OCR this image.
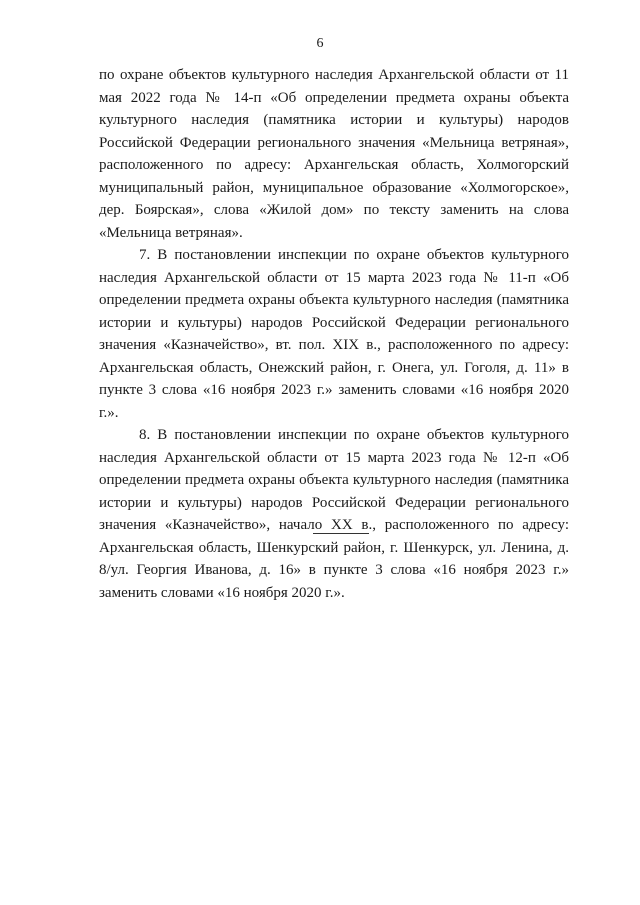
6

по охране объектов культурного наследия Архангельской области от 11 мая 2022 года № 14-п «Об определении предмета охраны объекта культурного наследия (памятника истории и культуры) народов Российской Федерации регионального значения «Мельница ветряная», расположенного по адресу: Архангельская область, Холмогорский муниципальный район, муниципальное образование «Холмогорское», дер. Боярская», слова «Жилой дом» по тексту заменить на слова «Мельница ветряная».

7. В постановлении инспекции по охране объектов культурного наследия Архангельской области от 15 марта 2023 года № 11-п «Об определении предмета охраны объекта культурного наследия (памятника истории и культуры) народов Российской Федерации регионального значения «Казначейство», вт. пол. XIX в., расположенного по адресу: Архангельская область, Онежский район, г. Онега, ул. Гоголя, д. 11» в пункте 3 слова «16 ноября 2023 г.» заменить словами «16 ноября 2020 г.».

8. В постановлении инспекции по охране объектов культурного наследия Архангельской области от 15 марта 2023 года № 12-п «Об определении предмета охраны объекта культурного наследия (памятника истории и культуры) народов Российской Федерации регионального значения «Казначейство», начало XX в., расположенного по адресу: Архангельская область, Шенкурский район, г. Шенкурск, ул. Ленина, д. 8/ул. Георгия Иванова, д. 16» в пункте 3 слова «16 ноября 2023 г.» заменить словами «16 ноября 2020 г.».
